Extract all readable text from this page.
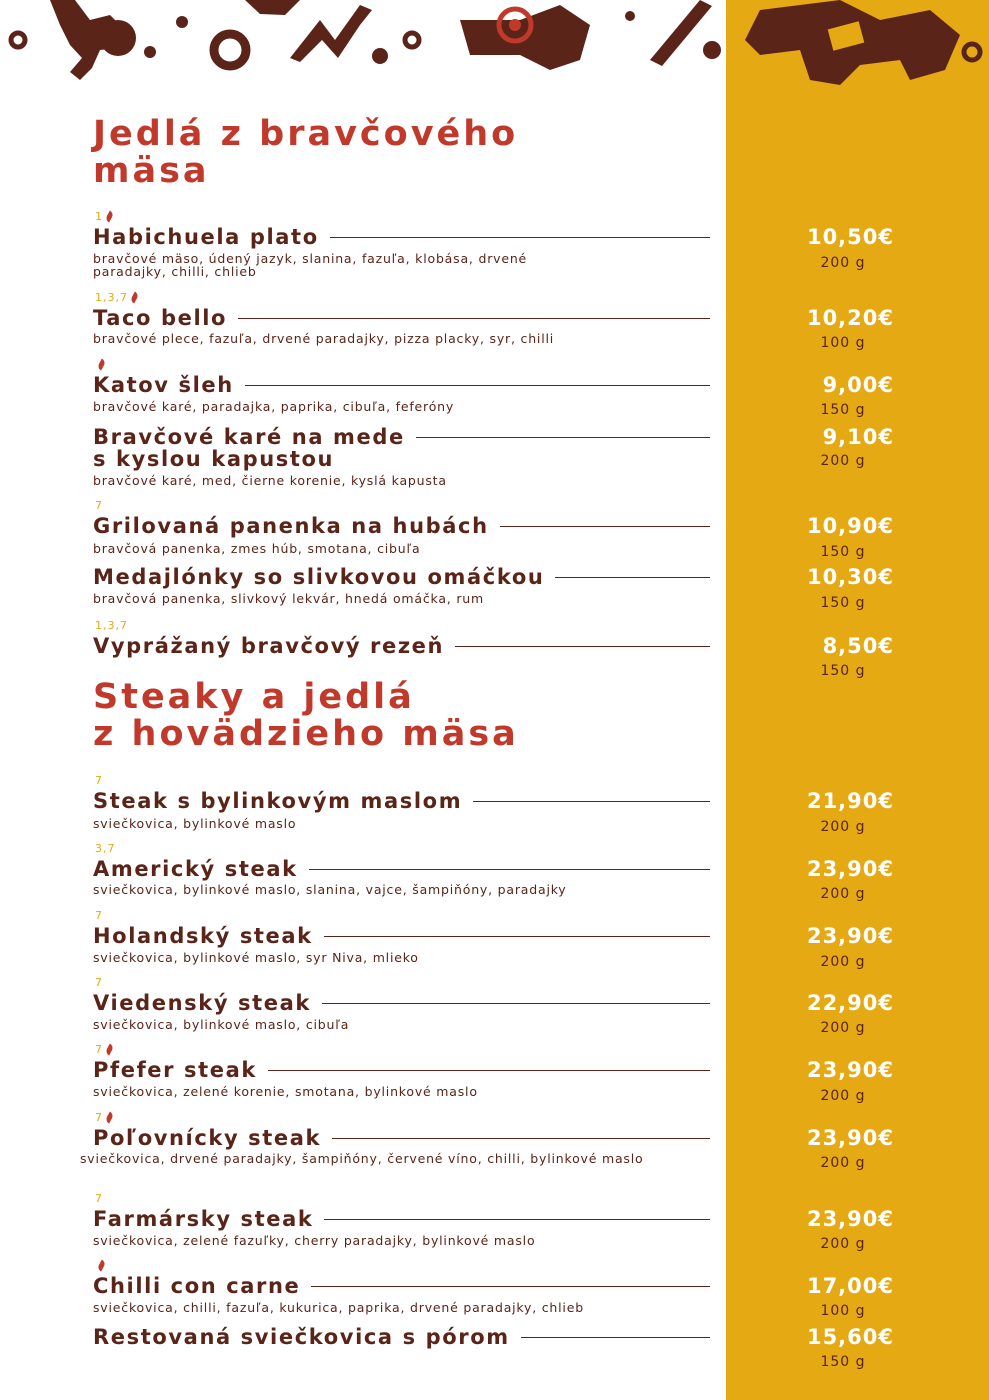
Jedlá z bravčového
mäsa
Steaky a jedlá
z hovädzieho mäsa
1
Habichuela plato
bravčové mäso, údený jazyk, slanina, fazuľa, klobása, drvené paradajky, chilli, chlieb
10,50€
200 g
1,3,7
Taco bello
bravčové plece, fazuľa, drvené paradajky, pizza placky, syr, chilli
10,20€
100 g
Katov šleh
bravčové karé, paradajka, paprika, cibuľa, feferóny
9,00€
150 g
Bravčové karé na mede
s kyslou kapustou
bravčové karé, med, čierne korenie, kyslá kapusta
9,10€
200 g
7
Grilovaná panenka na hubách
bravčová panenka, zmes húb, smotana, cibuľa
10,90€
150 g
Medajlónky so slivkovou omáčkou
bravčová panenka, slivkový lekvár, hnedá omáčka, rum
10,30€
150 g
1,3,7
Vyprážaný bravčový rezeň	8,50€
150 g
7
Steak s bylinkovým maslom
sviečkovica, bylinkové maslo
21,90€
200 g
3,7
Americký steak
sviečkovica, bylinkové maslo, slanina, vajce, šampiňóny, paradajky
23,90€
200 g
7
Holandský steak
sviečkovica, bylinkové maslo, syr Niva, mlieko
23,90€
200 g
7
Viedenský steak
sviečkovica, bylinkové maslo, cibuľa
22,90€
200 g
7
Pfefer steak
sviečkovica, zelené korenie, smotana, bylinkové maslo
23,90€
200 g
7
Poľovnícky steak
sviečkovica, drvené paradajky, šampiňóny, červené víno, chilli, bylinkové maslo
23,90€
200 g
7
Farmársky steak
sviečkovica, zelené fazuľky, cherry paradajky, bylinkové maslo
23,90€
200 g
Chilli con carne
sviečkovica, chilli, fazuľa, kukurica, paprika, drvené paradajky, chlieb
17,00€
100 g
Restovaná sviečkovica s pórom	15,60€
150 g
